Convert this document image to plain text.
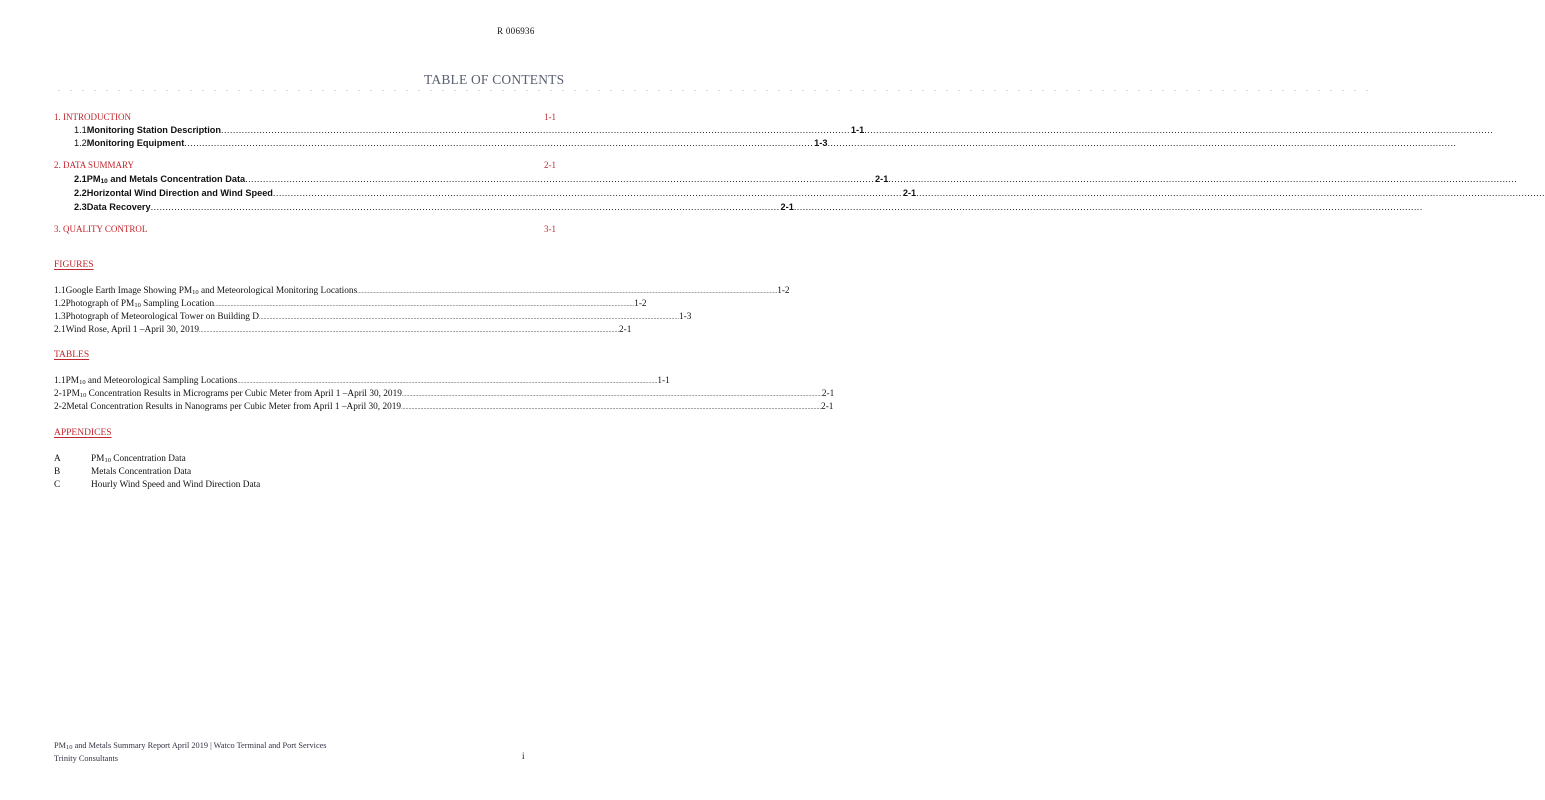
R 006936
..............................................................................................................
TABLE OF CONTENTS
1. INTRODUCTION	1-1
1.1 Monitoring Station Description .....	1-1
.....
1.2 Monitoring Equipment .....	1-3
.....
2. DATA SUMMARY	2-1
2.1 $PM_{10}$ and Metals Concentration Data .....	2-1
.....
2.2 Horizontal Wind Direction and Wind Speed .....	2-1
.....
2.3 Data Recovery .....	2-1
.....
3. QUALITY CONTROL	3-1
FIGURES
1.1 Google Earth Image Showing $PM_{10}$ and Meteorological Monitoring Locations .....	1-2
1.2 Photograph of $PM_{10}$ Sampling Location .....	1-2
1.3 Photograph of Meteorological Tower on Building D .....	1-3
2.1 Wind Rose, April 1 –April 30, 2019 .....	2-1
TABLES
1.1 $PM_{10}$ and Meteorological Sampling Locations .....	1-1
2-1 $PM_{10}$ Concentration Results in Micrograms per Cubic Meter from April 1 –April 30, 2019 .....	2-1
2-2 Metal Concentration Results in Nanograms per Cubic Meter from April 1 –April 30, 2019 .....	2-1
APPENDICES
A	$PM_{10}$ Concentration Data
B	Metals Concentration Data
C	Hourly Wind Speed and Wind Direction Data
$PM_{10}$ and Metals Summary Report April 2019 | Watco Terminal and Port Services
Trinity Consultants	i
